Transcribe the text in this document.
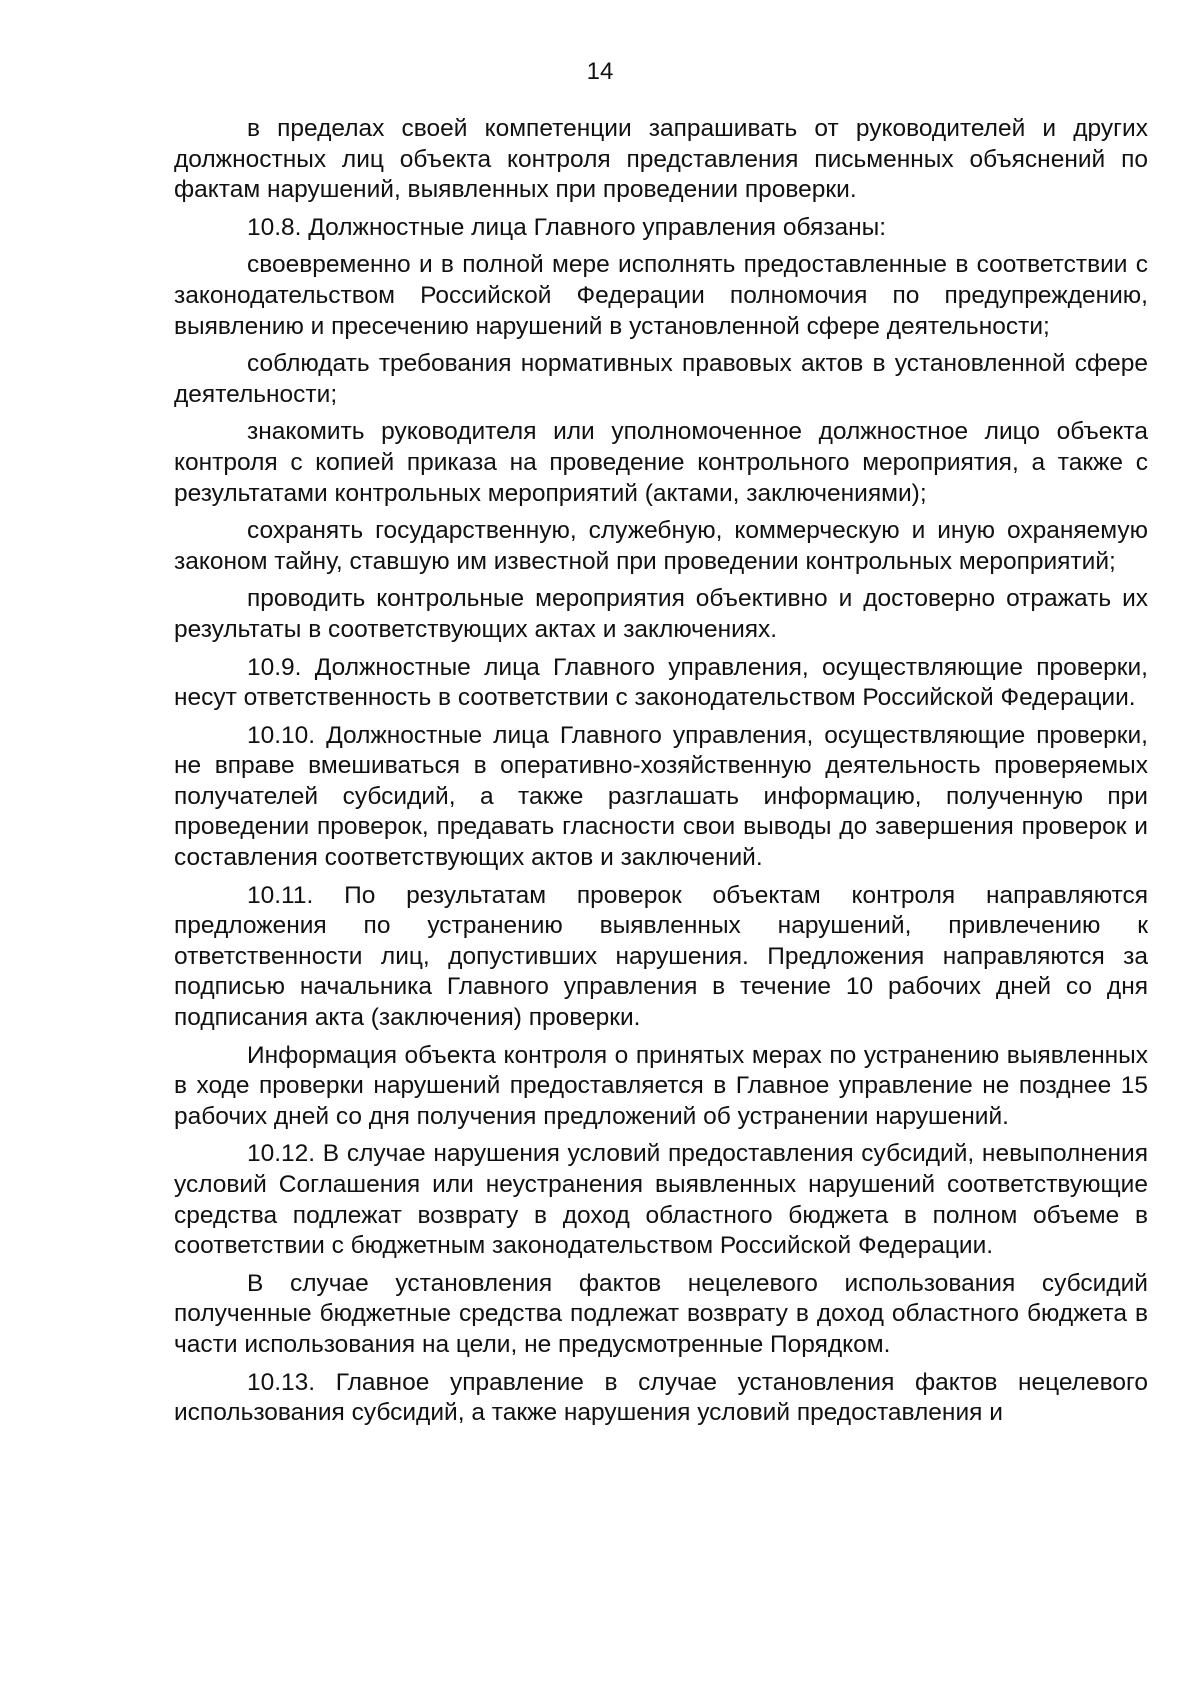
14

в пределах своей компетенции запрашивать от руководителей и других должностных лиц объекта контроля представления письменных объяснений по фактам нарушений, выявленных при проведении проверки.

10.8. Должностные лица Главного управления обязаны:

своевременно и в полной мере исполнять предоставленные в соответствии с законодательством Российской Федерации полномочия по предупреждению, выявлению и пресечению нарушений в установленной сфере деятельности;

соблюдать требования нормативных правовых актов в установленной сфере деятельности;

знакомить руководителя или уполномоченное должностное лицо объекта контроля с копией приказа на проведение контрольного мероприятия, а также с результатами контрольных мероприятий (актами, заключениями);

сохранять государственную, служебную, коммерческую и иную охраняемую законом тайну, ставшую им известной при проведении контрольных мероприятий;

проводить контрольные мероприятия объективно и достоверно отражать их результаты в соответствующих актах и заключениях.

10.9. Должностные лица Главного управления, осуществляющие проверки, несут ответственность в соответствии с законодательством Российской Федерации.

10.10. Должностные лица Главного управления, осуществляющие проверки, не вправе вмешиваться в оперативно-хозяйственную деятельность проверяемых получателей субсидий, а также разглашать информацию, полученную при проведении проверок, предавать гласности свои выводы до завершения проверок и составления соответствующих актов и заключений.

10.11. По результатам проверок объектам контроля направляются предложения по устранению выявленных нарушений, привлечению к ответственности лиц, допустивших нарушения. Предложения направляются за подписью начальника Главного управления в течение 10 рабочих дней со дня подписания акта (заключения) проверки.

Информация объекта контроля о принятых мерах по устранению выявленных в ходе проверки нарушений предоставляется в Главное управление не позднее 15 рабочих дней со дня получения предложений об устранении нарушений.

10.12. В случае нарушения условий предоставления субсидий, невыполнения условий Соглашения или неустранения выявленных нарушений соответствующие средства подлежат возврату в доход областного бюджета в полном объеме в соответствии с бюджетным законодательством Российской Федерации.

В случае установления фактов нецелевого использования субсидий полученные бюджетные средства подлежат возврату в доход областного бюджета в части использования на цели, не предусмотренные Порядком.

10.13. Главное управление в случае установления фактов нецелевого использования субсидий, а также нарушения условий предоставления и
